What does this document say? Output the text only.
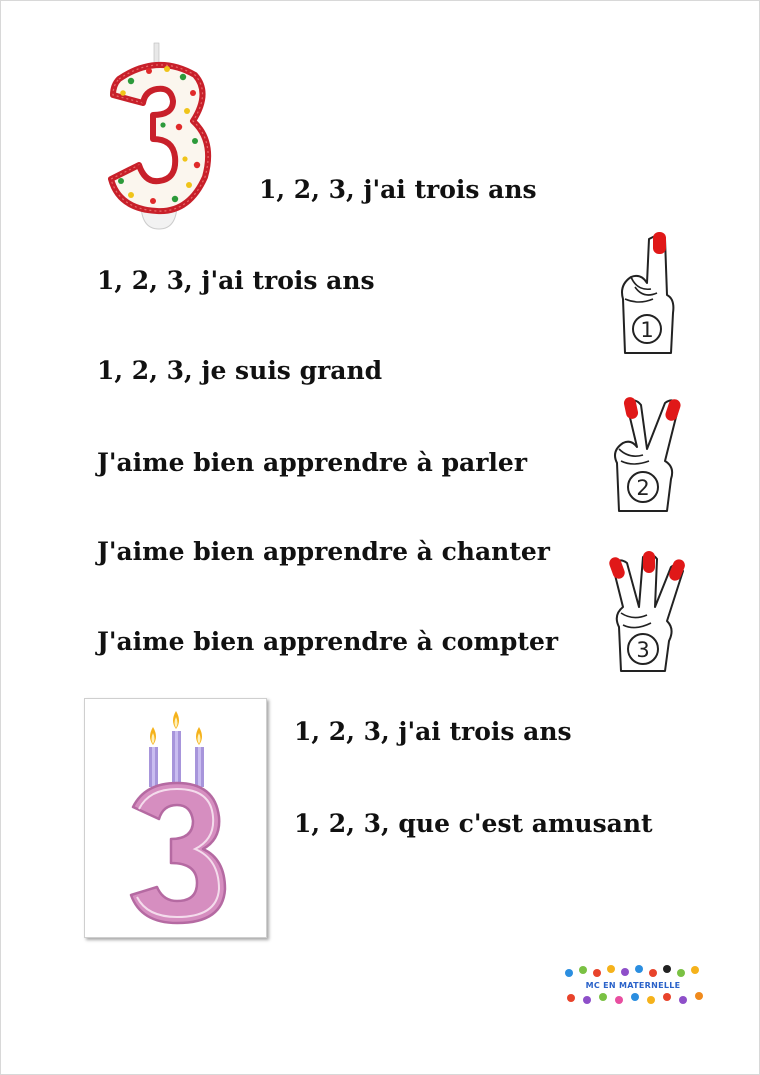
1, 2, 3, j'ai trois ans
1, 2, 3, j'ai trois ans
1, 2, 3, je suis grand
J'aime bien apprendre à parler
J'aime bien apprendre à chanter
J'aime bien apprendre à compter
1, 2, 3, j'ai trois ans
1, 2, 3, que c'est amusant
1
2
3
MC EN MATERNELLE
